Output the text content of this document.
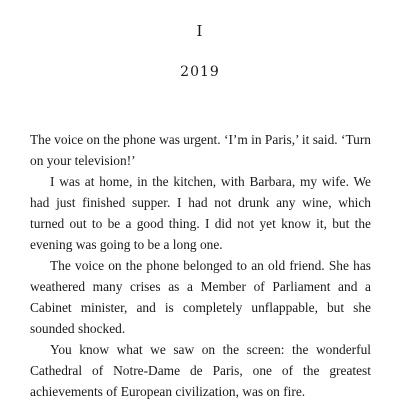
I
2019

The voice on the phone was urgent. ‘I’m in Paris,’ it said. ‘Turn on your television!’

I was at home, in the kitchen, with Barbara, my wife. We had just finished supper. I had not drunk any wine, which turned out to be a good thing. I did not yet know it, but the evening was going to be a long one.

The voice on the phone belonged to an old friend. She has weathered many crises as a Member of Parliament and a Cabinet minister, and is completely unflappable, but she sounded shocked.

You know what we saw on the screen: the wonderful Cathedral of Notre-Dame de Paris, one of the greatest achievements of European civilization, was on fire.
